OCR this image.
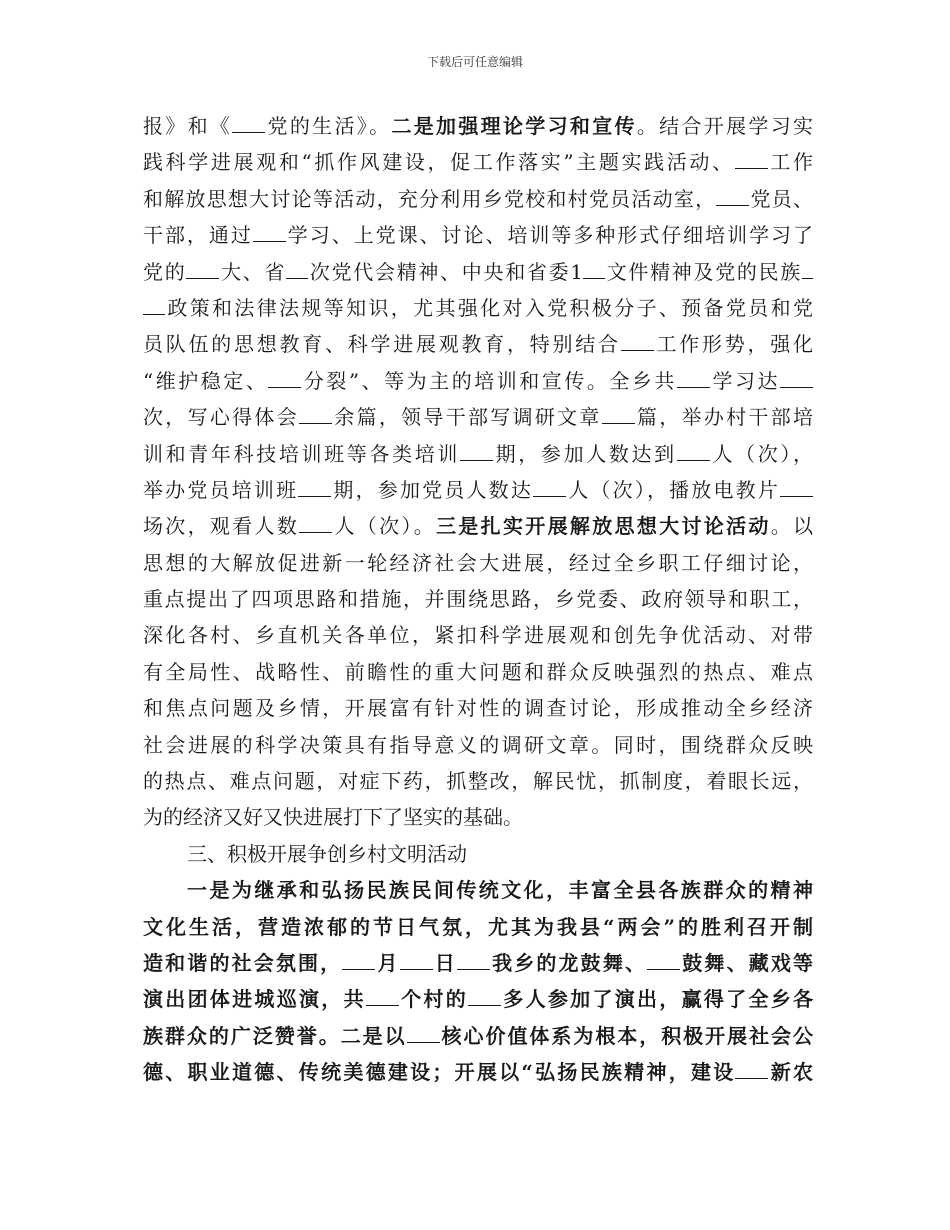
下载后可任意编辑
报》和《 党的生活》。二是加强理论学习和宣传。结合开展学习实
践科学进展观和“抓作风建设，促工作落实”主题实践活动、 工作
和解放思想大讨论等活动，充分利用乡党校和村党员活动室， 党员、
干部，通过 学习、上党课、讨论、培训等多种形式仔细培训学习了
党的 大、省 次党代会精神、中央和省委1 文件精神及党的民族
政策和法律法规等知识，尤其强化对入党积极分子、预备党员和党
员队伍的思想教育、科学进展观教育，特别结合 工作形势，强化
“维护稳定、 分裂”、等为主的培训和宣传。全乡共 学习达
次，写心得体会 余篇，领导干部写调研文章 篇，举办村干部培
训和青年科技培训班等各类培训 期，参加人数达到 人（次），
举办党员培训班 期，参加党员人数达 人（次），播放电教片
场次，观看人数 人（次）。三是扎实开展解放思想大讨论活动。以
思想的大解放促进新一轮经济社会大进展，经过全乡职工仔细讨论，
重点提出了四项思路和措施，并围绕思路，乡党委、政府领导和职工，
深化各村、乡直机关各单位，紧扣科学进展观和创先争优活动、对带
有全局性、战略性、前瞻性的重大问题和群众反映强烈的热点、难点
和焦点问题及乡情，开展富有针对性的调查讨论，形成推动全乡经济
社会进展的科学决策具有指导意义的调研文章。同时，围绕群众反映
的热点、难点问题，对症下药，抓整改，解民忧，抓制度，着眼长远，
为的经济又好又快进展打下了坚实的基础。
三、积极开展争创乡村文明活动
一是为继承和弘扬民族民间传统文化，丰富全县各族群众的精神
文化生活，营造浓郁的节日气氛，尤其为我县“两会”的胜利召开制
造和谐的社会氛围， 月 日 我乡的龙鼓舞、 鼓舞、藏戏等
演出团体进城巡演，共 个村的 多人参加了演出，赢得了全乡各
族群众的广泛赞誉。二是以 核心价值体系为根本，积极开展社会公
德、职业道德、传统美德建设；开展以“弘扬民族精神，建设 新农
